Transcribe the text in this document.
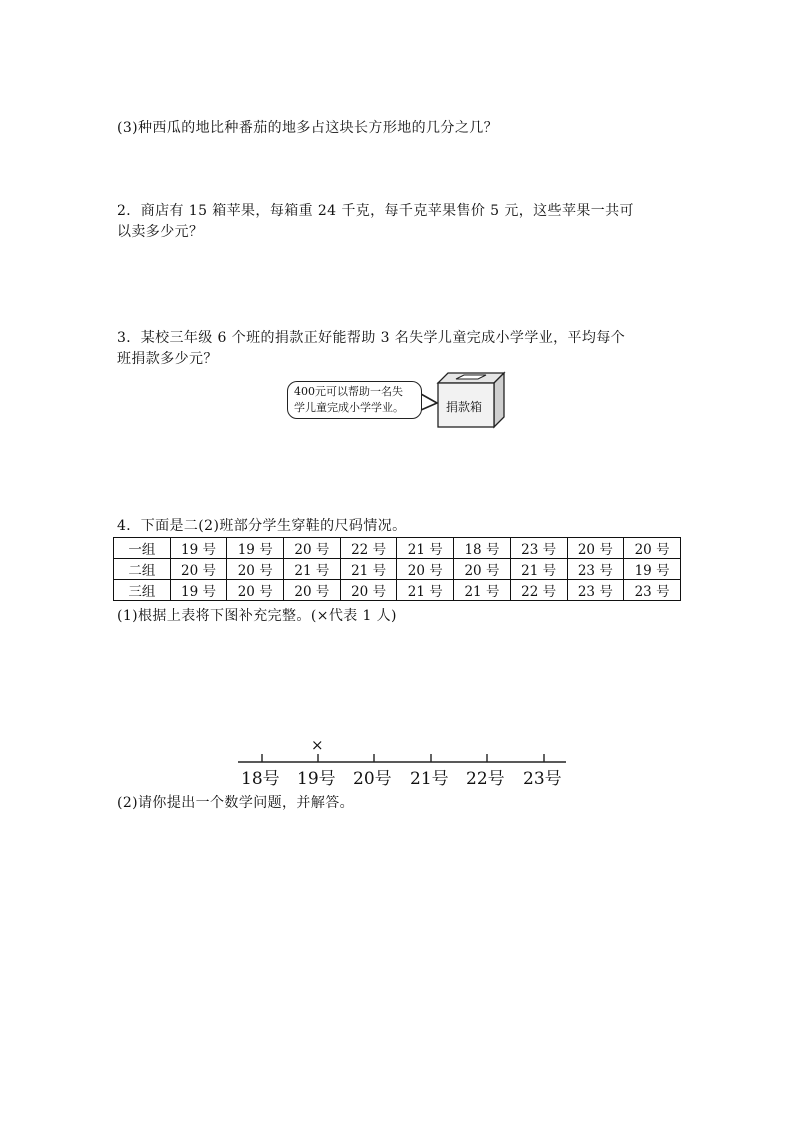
(3)种西瓜的地比种番茄的地多占这块长方形地的几分之几？
2．商店有 15 箱苹果，每箱重 24 千克，每千克苹果售价 5 元，这些苹果一共可
以卖多少元？
3．某校三年级 6 个班的捐款正好能帮助 3 名失学儿童完成小学学业，平均每个
班捐款多少元？
400元可以帮助一名失
学儿童完成小学学业。	捐款箱
4．下面是二(2)班部分学生穿鞋的尺码情况。
一组	19 号	19 号	20 号	22 号	21 号	18 号	23 号	20 号	20 号
二组	20 号	20 号	21 号	21 号	20 号	20 号	21 号	23 号	19 号
三组	19 号	20 号	20 号	20 号	21 号	21 号	22 号	23 号	23 号
(1)根据上表将下图补充完整。(×代表 1 人)
×
18号 19号 20号 21号 22号 23号
(2)请你提出一个数学问题，并解答。
